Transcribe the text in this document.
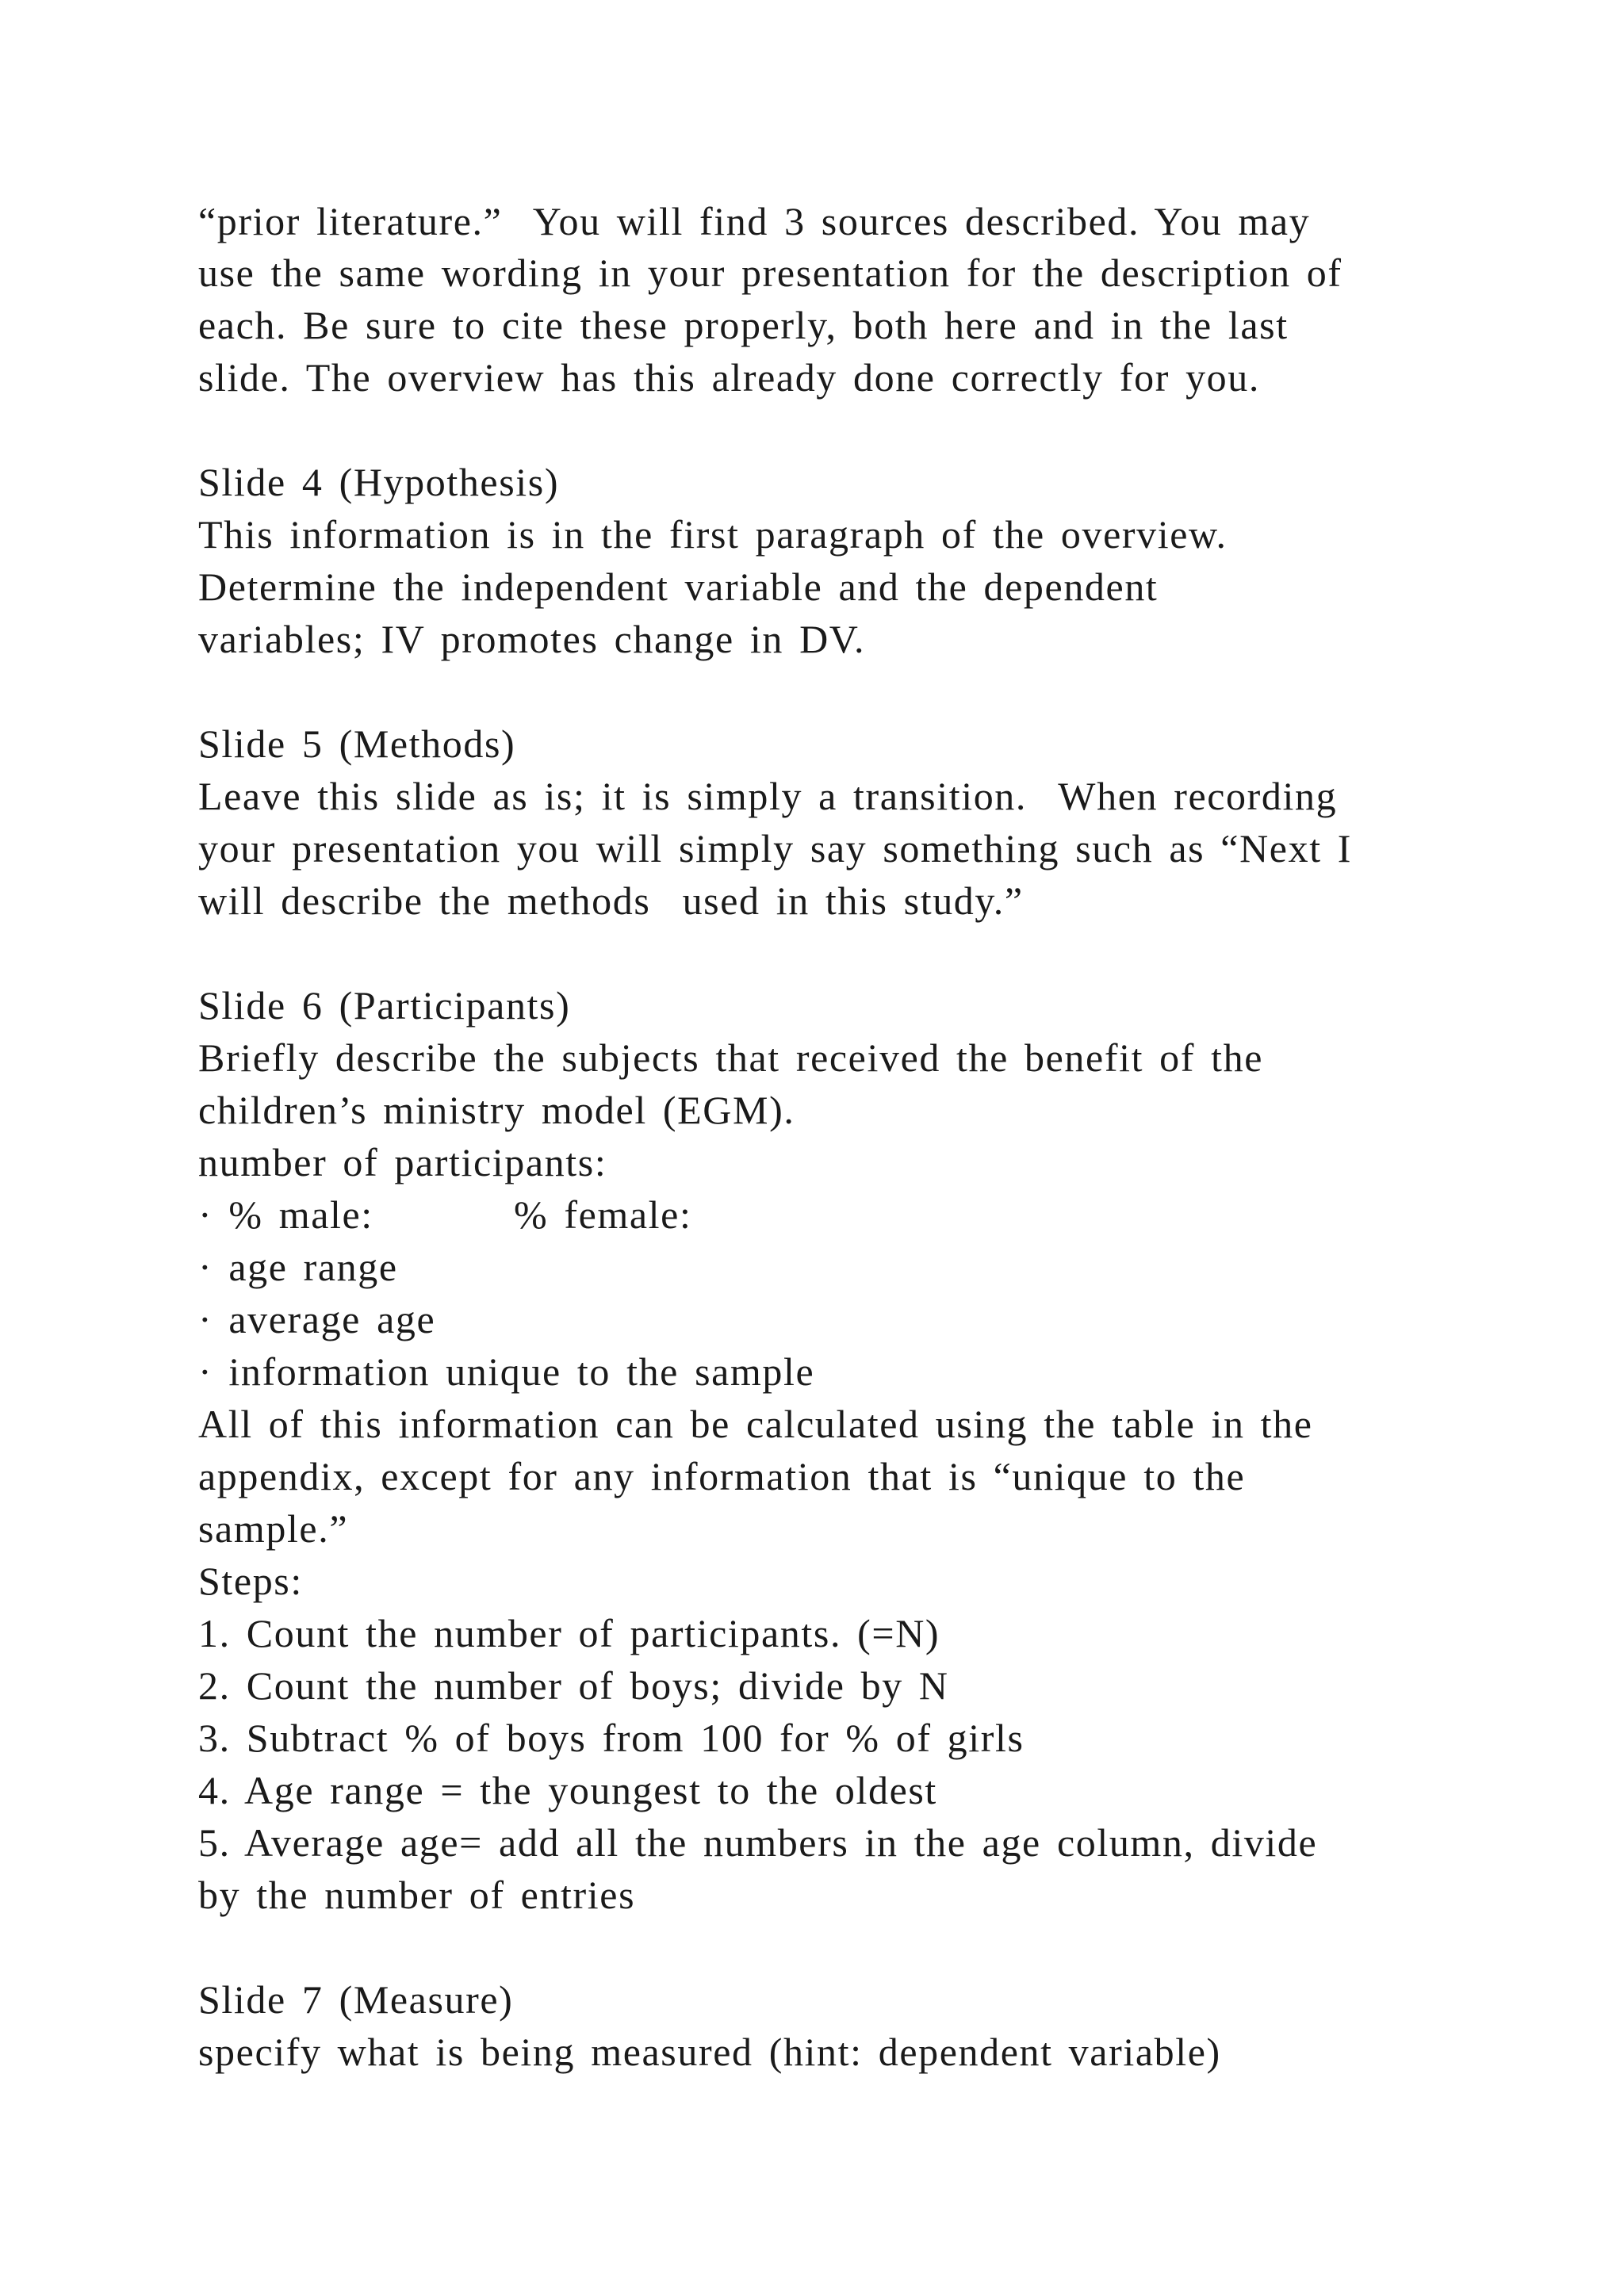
“prior literature.”  You will find 3 sources described. You may

use the same wording in your presentation for the description of

each. Be sure to cite these properly, both here and in the last

slide. The overview has this already done correctly for you.

Slide 4 (Hypothesis)

This information is in the first paragraph of the overview.

Determine the independent variable and the dependent

variables; IV promotes change in DV.

Slide 5 (Methods)

Leave this slide as is; it is simply a transition.  When recording

your presentation you will simply say something such as “Next I

will describe the methods  used in this study.”

Slide 6 (Participants)

Briefly describe the subjects that received the benefit of the

children’s ministry model (EGM).

number of participants:

· % male:	% female:

· age range

· average age

· information unique to the sample

All of this information can be calculated using the table in the

appendix, except for any information that is “unique to the

sample.”

Steps:

1. Count the number of participants. (=N)

2. Count the number of boys; divide by N

3. Subtract % of boys from 100 for % of girls

4. Age range = the youngest to the oldest

5. Average age= add all the numbers in the age column, divide

by the number of entries

Slide 7 (Measure)

specify what is being measured (hint: dependent variable)
